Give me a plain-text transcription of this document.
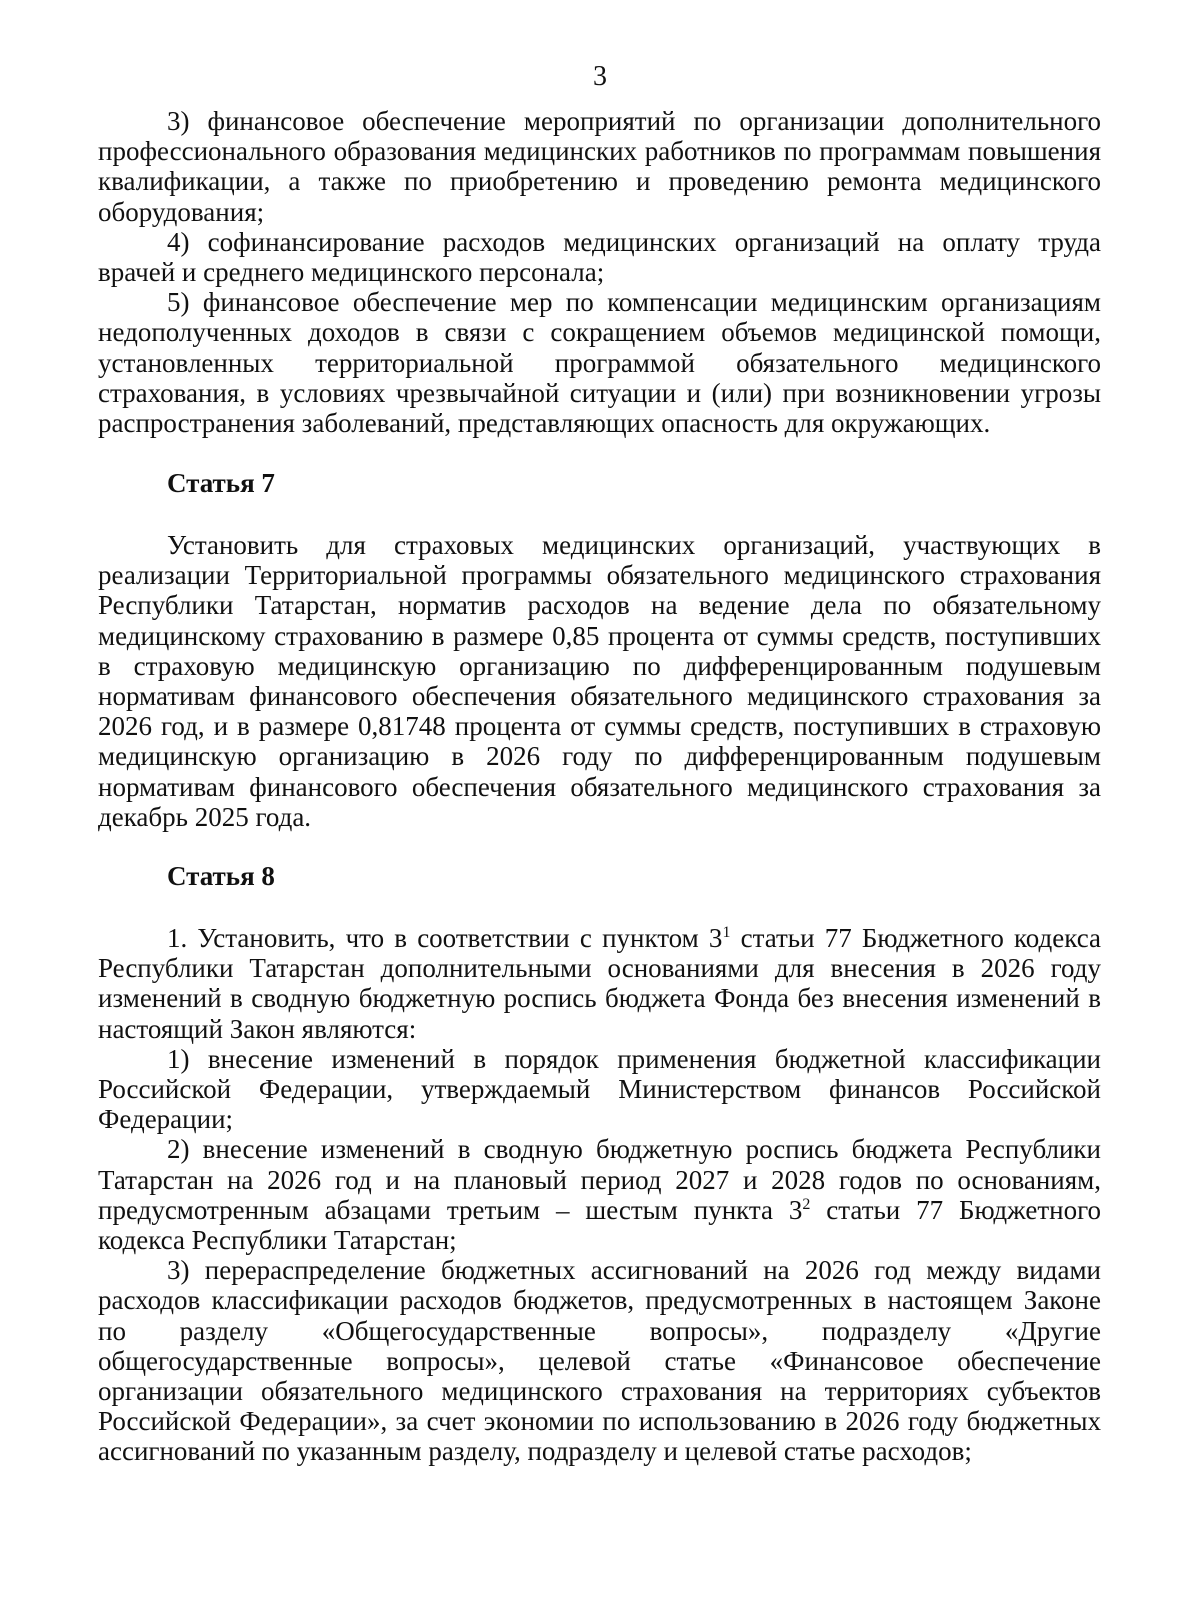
3

3) финансовое обеспечение мероприятий по организации дополнительного профессионального образования медицинских работников по программам повышения квалификации, а также по приобретению и проведению ремонта медицинского оборудования;

4) софинансирование расходов медицинских организаций на оплату труда врачей и среднего медицинского персонала;

5) финансовое обеспечение мер по компенсации медицинским организациям недополученных доходов в связи с сокращением объемов медицинской помощи, установленных территориальной программой обязательного медицинского страхования, в условиях чрезвычайной ситуации и (или) при возникновении угрозы распространения заболеваний, представляющих опасность для окружающих.

Статья 7

Установить для страховых медицинских организаций, участвующих в реализации Территориальной программы обязательного медицинского страхования Республики Татарстан, норматив расходов на ведение дела по обязательному медицинскому страхованию в размере 0,85 процента от суммы средств, поступивших в страховую медицинскую организацию по дифференцированным подушевым нормативам финансового обеспечения обязательного медицинского страхования за 2026 год, и в размере 0,81748 процента от суммы средств, поступивших в страховую медицинскую организацию в 2026 году по дифференцированным подушевым нормативам финансового обеспечения обязательного медицинского страхования за декабрь 2025 года.

Статья 8

1. Установить, что в соответствии с пунктом $3^1$ статьи 77 Бюджетного кодекса Республики Татарстан дополнительными основаниями для внесения в 2026 году изменений в сводную бюджетную роспись бюджета Фонда без внесения изменений в настоящий Закон являются:

1) внесение изменений в порядок применения бюджетной классификации Российской Федерации, утверждаемый Министерством финансов Российской Федерации;

2) внесение изменений в сводную бюджетную роспись бюджета Республики Татарстан на 2026 год и на плановый период 2027 и 2028 годов по основаниям, предусмотренным абзацами третьим – шестым пункта $3^2$ статьи 77 Бюджетного кодекса Республики Татарстан;

3) перераспределение бюджетных ассигнований на 2026 год между видами расходов классификации расходов бюджетов, предусмотренных в настоящем Законе по разделу «Общегосударственные вопросы», подразделу «Другие общегосударственные вопросы», целевой статье «Финансовое обеспечение организации обязательного медицинского страхования на территориях субъектов Российской Федерации», за счет экономии по использованию в 2026 году бюджетных ассигнований по указанным разделу, подразделу и целевой статье расходов;
